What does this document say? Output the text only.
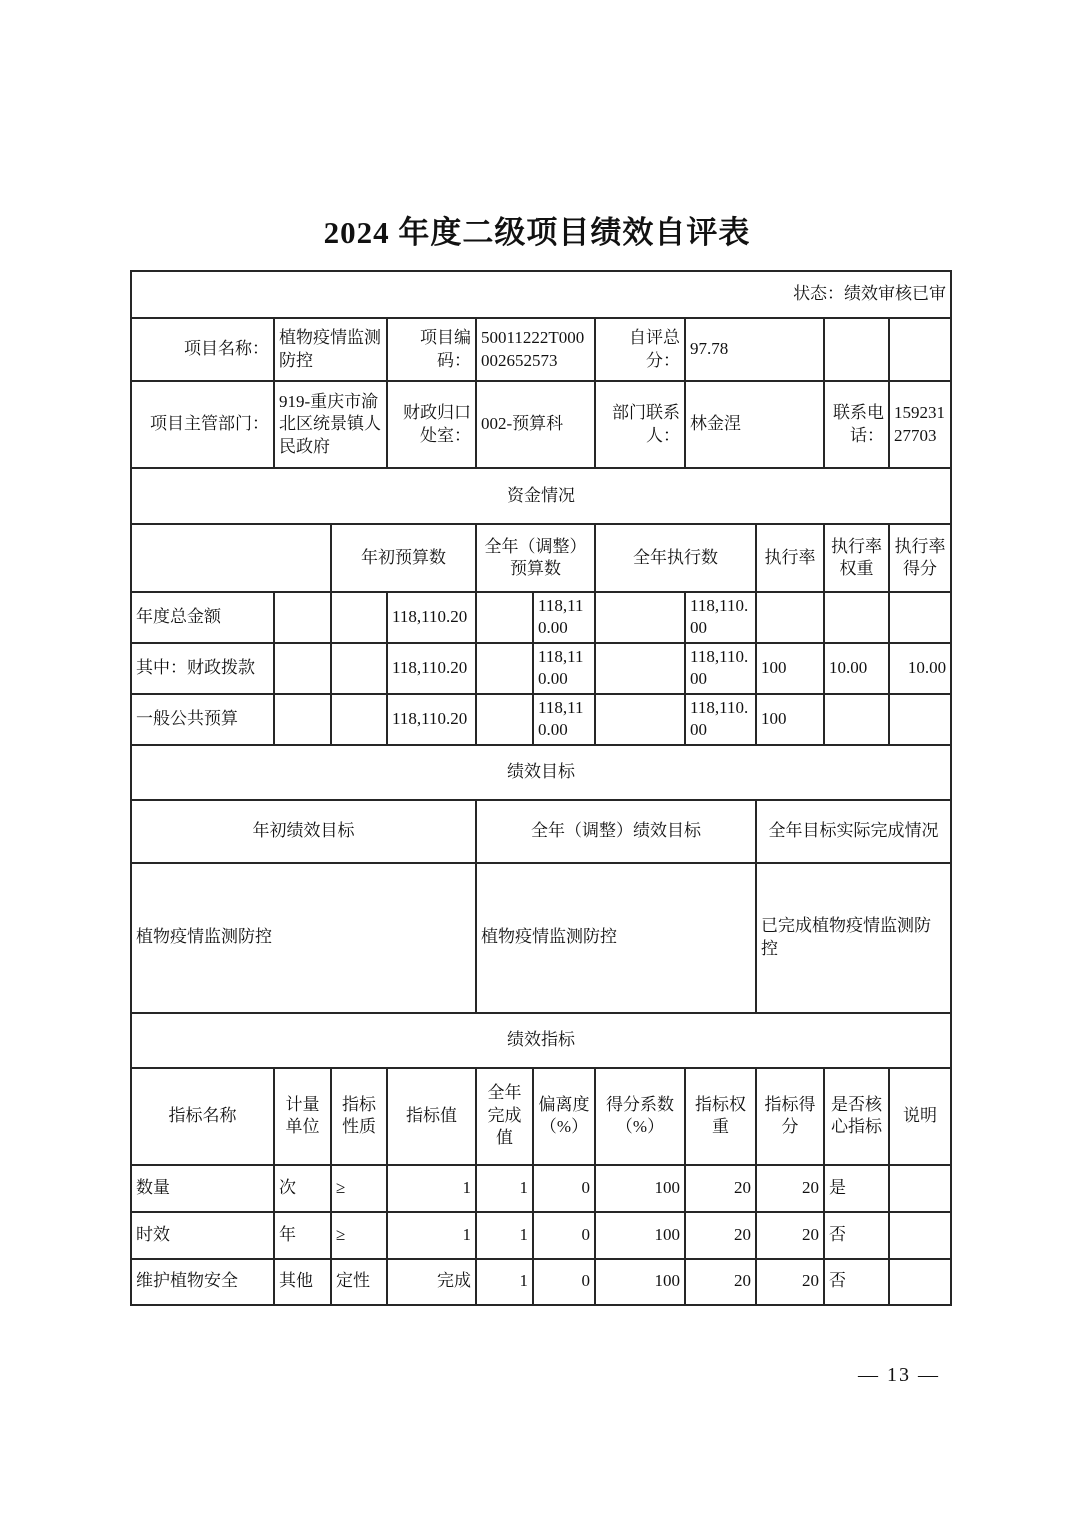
2024 年度二级项目绩效自评表
状态：绩效审核已审										
项目名称：	植物疫情监测防控		项目编码：	50011222T000002652573		自评总分：	97.78			
项目主管部门：	919-重庆市渝北区统景镇人民政府		财政归口处室：	002-预算科		部门联系人：	林金涅		联系电话：	15923127703
资金情况										
		年初预算数		全年（调整）预算数		全年执行数		执行率	执行率权重	执行率得分
年度总金额			118,110.20		118,110.00		118,110.00			
其中：财政拨款			118,110.20		118,110.00		118,110.00	100	10.00	10.00
一般公共预算			118,110.20		118,110.00		118,110.00	100		
绩效目标										
年初绩效目标				全年（调整）绩效目标				全年目标实际完成情况		
植物疫情监测防控				植物疫情监测防控				已完成植物疫情监测防控		
绩效指标										
指标名称	计量单位	指标性质	指标值	全年完成值	偏离度（%）	得分系数（%）	指标权重	指标得分	是否核心指标	说明
数量	次	≥	1	1	0	100	20	20	是	
时效	年	≥	1	1	0	100	20	20	否	
维护植物安全	其他	定性	完成	1	0	100	20	20	否	
— 13 —
